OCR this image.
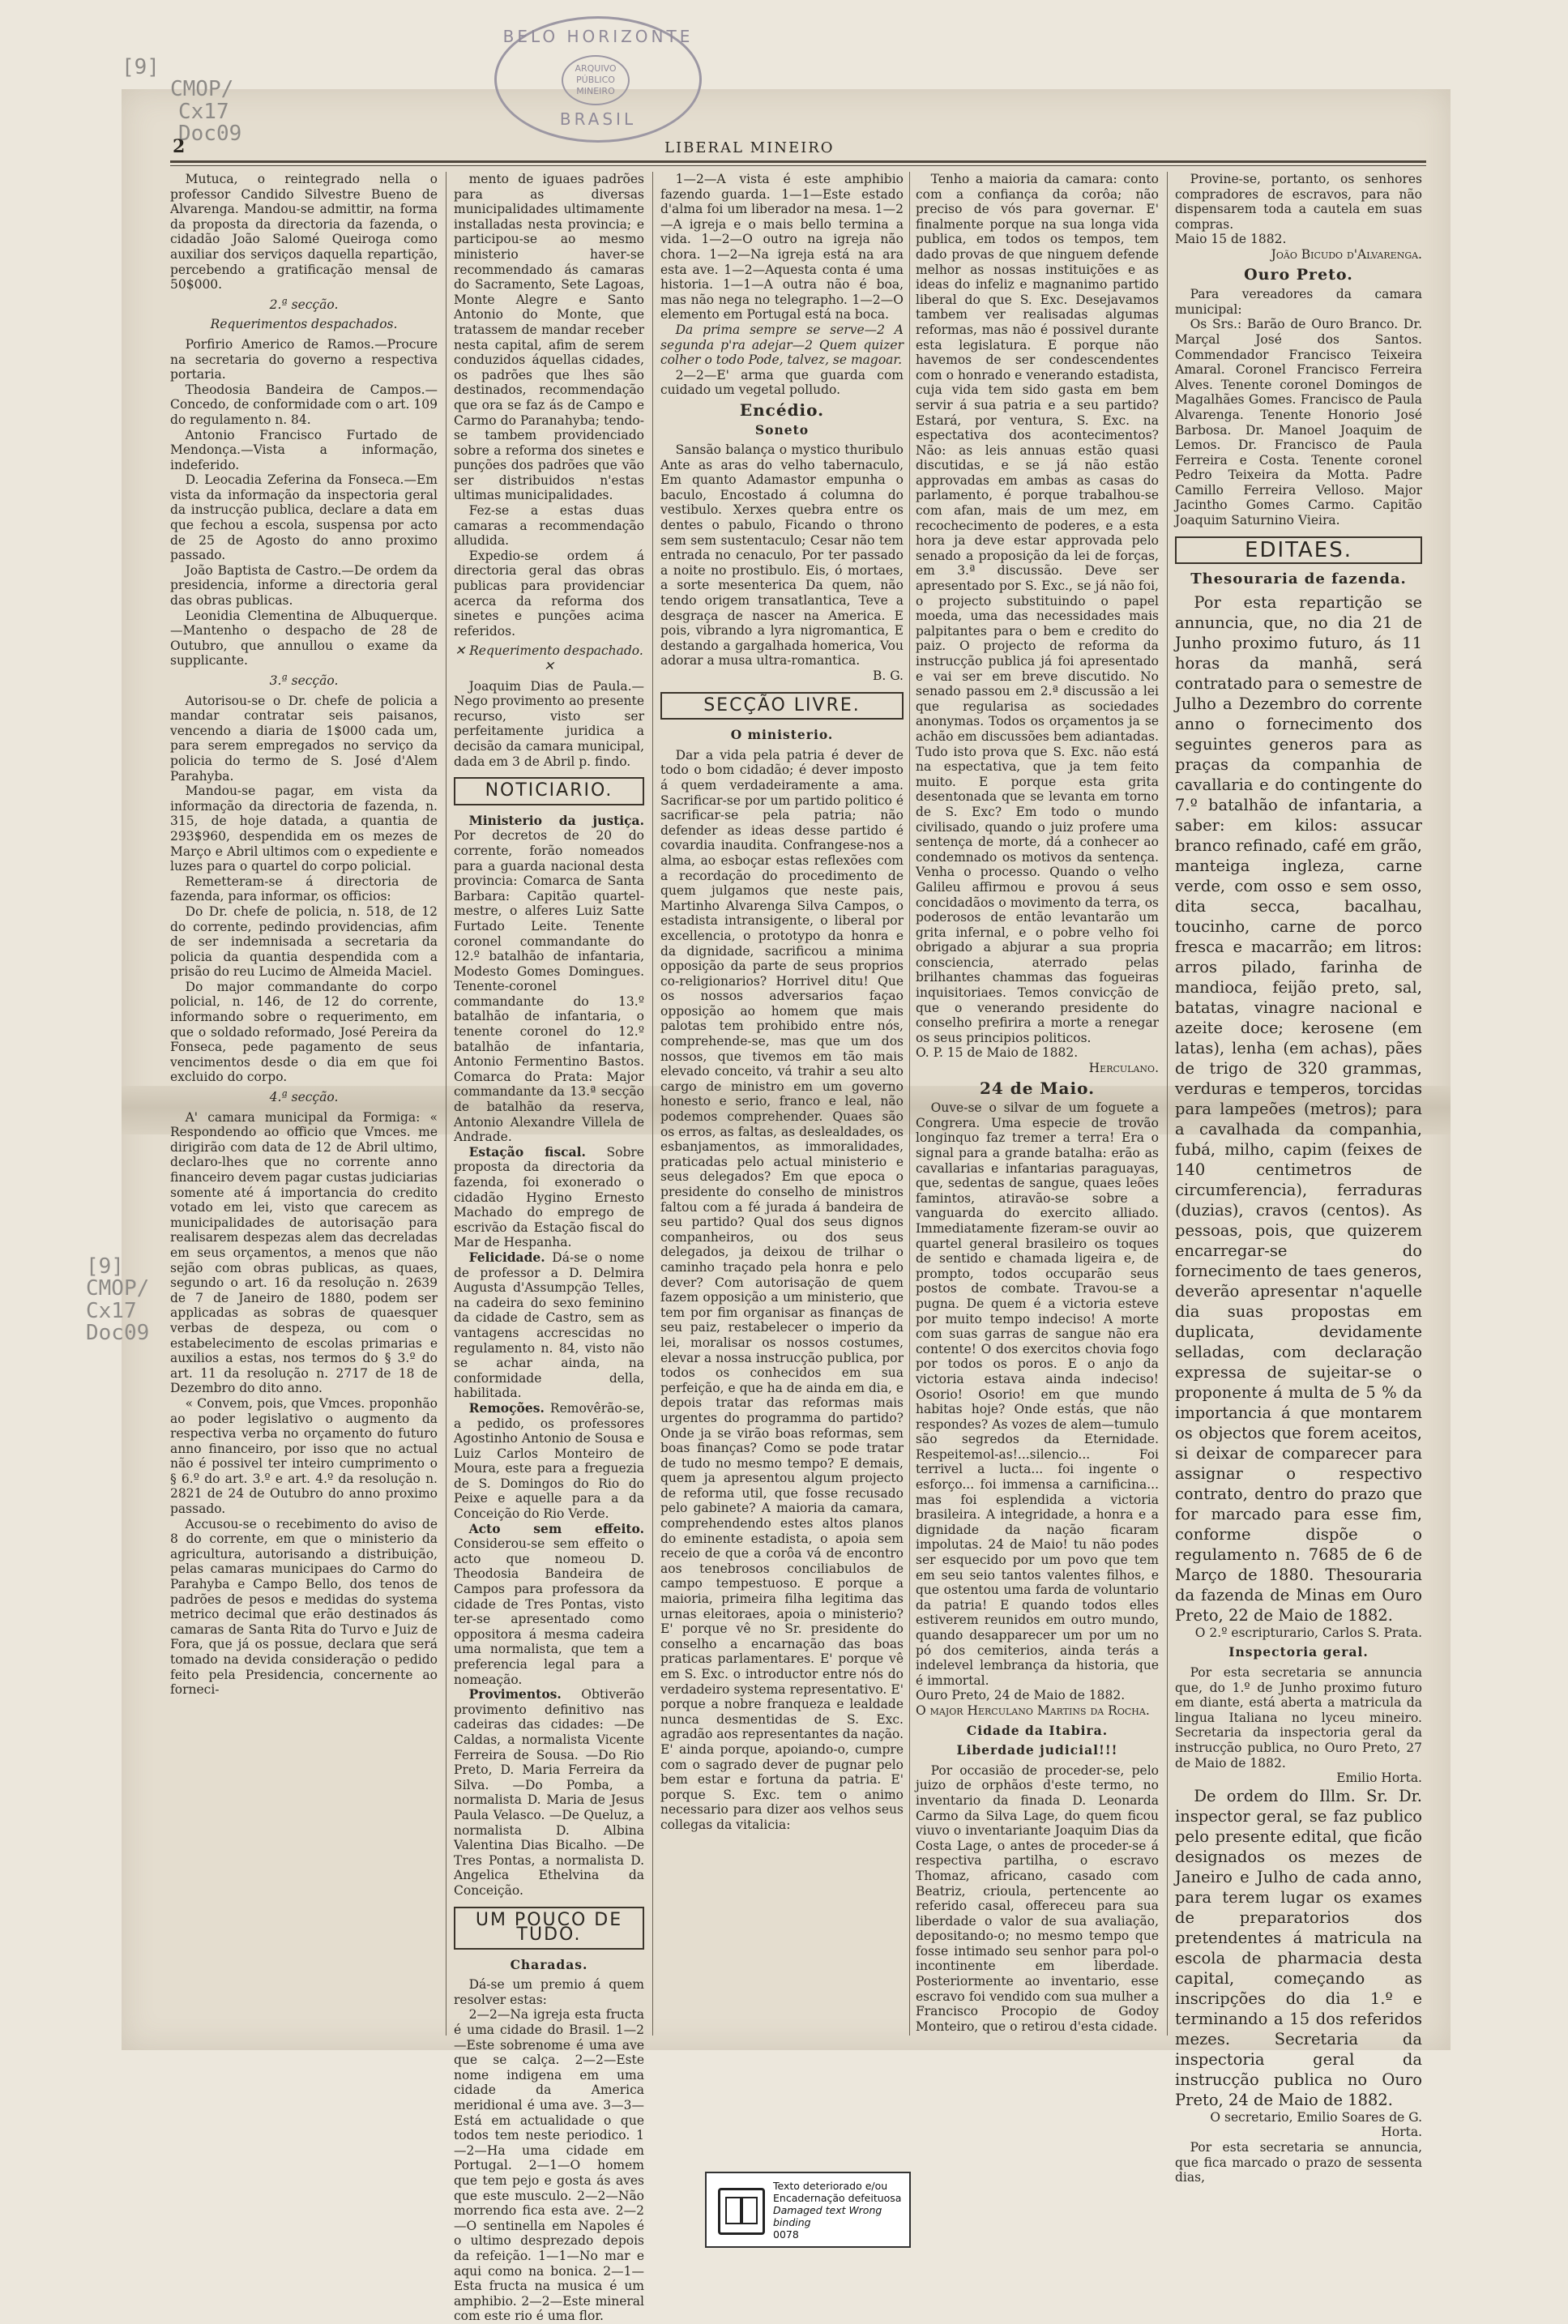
[9]
CMOP/
Cx17
Doc09
[9]
CMOP/
Cx17
Doc09
BELO HORIZONTE
ARQUIVO
PÚBLICO
MINEIRO
BRASIL
2	LIBERAL MINEIRO

Mutuca, o reintegrado nella o professor Candido Silvestre Bueno de Alvarenga. Mandou-se admittir, na forma da proposta da directoria da fazenda, o cidadão João Salomé Queiroga como auxiliar dos serviços daquella repartição, percebendo a gratificação mensal de 50$000.

2.ª secção.
Requerimentos despachados.

Porfirio Americo de Ramos.—Procure na secretaria do governo a respectiva portaria.

Theodosia Bandeira de Campos.—Concedo, de conformidade com o art. 109 do regulamento n. 84.

Antonio Francisco Furtado de Mendonça.—Vista a informação, indeferido.

D. Leocadia Zeferina da Fonseca.—Em vista da informação da inspectoria geral da instrucção publica, declare a data em que fechou a escola, suspensa por acto de 25 de Agosto do anno proximo passado.

João Baptista de Castro.—De ordem da presidencia, informe a directoria geral das obras publicas.

Leonidia Clementina de Albuquerque.—Mantenho o despacho de 28 de Outubro, que annullou o exame da supplicante.

3.ª secção.

Autorisou-se o Dr. chefe de policia a mandar contratar seis paisanos, vencendo a diaria de 1$000 cada um, para serem empregados no serviço da policia do termo de S. José d'Alem Parahyba.

Mandou-se pagar, em vista da informação da directoria de fazenda, n. 315, de hoje datada, a quantia de 293$960, despendida em os mezes de Março e Abril ultimos com o expediente e luzes para o quartel do corpo policial.

Remetteram-se á directoria de fazenda, para informar, os officios:

Do Dr. chefe de policia, n. 518, de 12 do corrente, pedindo providencias, afim de ser indemnisada a secretaria da policia da quantia despendida com a prisão do reu Lucimo de Almeida Maciel.

Do major commandante do corpo policial, n. 146, de 12 do corrente, informando sobre o requerimento, em que o soldado reformado, José Pereira da Fonseca, pede pagamento de seus vencimentos desde o dia em que foi excluido do corpo.

4.ª secção.

A' camara municipal da Formiga: « Respondendo ao officio que Vmces. me dirigirão com data de 12 de Abril ultimo, declaro-lhes que no corrente anno financeiro devem pagar custas judiciarias somente até á importancia do credito votado em lei, visto que carecem as municipalidades de autorisação para realisarem despezas alem das decreladas em seus orçamentos, a menos que não sejão com obras publicas, as quaes, segundo o art. 16 da resolução n. 2639 de 7 de Janeiro de 1880, podem ser applicadas as sobras de quaesquer verbas de despeza, ou com o estabelecimento de escolas primarias e auxilios a estas, nos termos do § 3.º do art. 11 da resolução n. 2717 de 18 de Dezembro do dito anno.

« Convem, pois, que Vmces. proponhão ao poder legislativo o augmento da respectiva verba no orçamento do futuro anno financeiro, por isso que no actual não é possivel ter inteiro cumprimento o § 6.º do art. 3.º e art. 4.º da resolução n. 2821 de 24 de Outubro do anno proximo passado.

Accusou-se o recebimento do aviso de 8 do corrente, em que o ministerio da agricultura, autorisando a distribuição, pelas camaras municipaes do Carmo do Parahyba e Campo Bello, dos tenos de padrões de pesos e medidas do systema metrico decimal que erão destinados ás camaras de Santa Rita do Turvo e Juiz de Fora, que já os possue, declara que será tomado na devida consideração o pedido feito pela Presidencia, concernente ao forneci-

mento de iguaes padrões para as diversas municipalidades ultimamente installadas nesta provincia; e participou-se ao mesmo ministerio haver-se recommendado ás camaras do Sacramento, Sete Lagoas, Monte Alegre e Santo Antonio do Monte, que tratassem de mandar receber nesta capital, afim de serem conduzidos áquellas cidades, os padrões que lhes são destinados, recommendação que ora se faz ás de Campo e Carmo do Paranahyba; tendo-se tambem providenciado sobre a reforma dos sinetes e punções dos padrões que vão ser distribuidos n'estas ultimas municipalidades.

Fez-se a estas duas camaras a recommendação alludida.

Expedio-se ordem á directoria geral das obras publicas para providenciar acerca da reforma dos sinetes e punções acima referidos.

✕ Requerimento despachado. ✕

Joaquim Dias de Paula.—Nego provimento ao presente recurso, visto ser perfeitamente juridica a decisão da camara municipal, dada em 3 de Abril p. findo.

NOTICIARIO.

Ministerio da justiça. Por decretos de 20 do corrente, forão nomeados para a guarda nacional desta provincia: Comarca de Santa Barbara: Capitão quartel-mestre, o alferes Luiz Satte Furtado Leite. Tenente coronel commandante do 12.º batalhão de infantaria, Modesto Gomes Domingues. Tenente-coronel commandante do 13.º batalhão de infantaria, o tenente coronel do 12.º batalhão de infantaria, Antonio Fermentino Bastos. Comarca do Prata: Major commandante da 13.ª secção de batalhão da reserva, Antonio Alexandre Villela de Andrade.

Estação fiscal. Sobre proposta da directoria da fazenda, foi exonerado o cidadão Hygino Ernesto Machado do emprego de escrivão da Estação fiscal do Mar de Hespanha.

Felicidade. Dá-se o nome de professor a D. Delmira Augusta d'Assumpção Telles, na cadeira do sexo feminino da cidade de Castro, sem as vantagens accrescidas no regulamento n. 84, visto não se achar ainda, na conformidade della, habilitada.

Remoções. Removêrão-se, a pedido, os professores Agostinho Antonio de Sousa e Luiz Carlos Monteiro de Moura, este para a freguezia de S. Domingos do Rio do Peixe e aquelle para a da Conceição do Rio Verde.

Acto sem effeito. Considerou-se sem effeito o acto que nomeou D. Theodosia Bandeira de Campos para professora da cidade de Tres Pontas, visto ter-se apresentado como oppositora á mesma cadeira uma normalista, que tem a preferencia legal para a nomeação.

Provimentos. Obtiverão provimento definitivo nas cadeiras das cidades: —De Caldas, a normalista Vicente Ferreira de Sousa. —Do Rio Preto, D. Maria Ferreira da Silva. —Do Pomba, a normalista D. Maria de Jesus Paula Velasco. —De Queluz, a normalista D. Albina Valentina Dias Bicalho. —De Tres Pontas, a normalista D. Angelica Ethelvina da Conceição.

UM POUCO DE TUDO.
Charadas.

Dá-se um premio á quem resolver estas:

2—2—Na igreja esta fructa é uma cidade do Brasil. 1—2—Este sobrenome é uma ave que se calça. 2—2—Este nome indigena em uma cidade da America meridional é uma ave. 3—3—Está em actualidade o que todos tem neste periodico. 1—2—Ha uma cidade em Portugal. 2—1—O homem que tem pejo e gosta ás aves que este musculo. 2—2—Não morrendo fica esta ave. 2—2—O sentinella em Napoles é o ultimo desprezado depois da refeição. 1—1—No mar e aqui como na bonica. 2—1—Esta fructa na musica é um amphibio. 2—2—Este mineral com este rio é uma flor.

1—2—A vista é este amphibio fazendo guarda. 1—1—Este estado d'alma foi um liberador na mesa. 1—2—A igreja e o mais bello termina a vida. 1—2—O outro na igreja não chora. 1—2—Na igreja está na ara esta ave. 1—2—Aquesta conta é uma historia. 1—1—A outra não é boa, mas não nega no telegrapho. 1—2—O elemento em Portugal está na boca.

Da prima sempre se serve—2 A segunda p'ra adejar—2 Quem quizer colher o todo Pode, talvez, se magoar.

2—2—E' arma que guarda com cuidado um vegetal polludo.

Encédio.
Soneto

Sansão balança o mystico thuribulo Ante as aras do velho tabernaculo, Em quanto Adamastor empunha o baculo, Encostado á columna do vestibulo. Xerxes quebra entre os dentes o pabulo, Ficando o throno sem sem sustentaculo; Cesar não tem entrada no cenaculo, Por ter passado a noite no prostibulo. Eis, ó mortaes, a sorte mesenterica Da quem, não tendo origem transatlantica, Teve a desgraça de nascer na America. E pois, vibrando a lyra nigromantica, E destando a gargalhada homerica, Vou adorar a musa ultra-romantica.

B. G.
SECÇÃO LIVRE.
O ministerio.

Dar a vida pela patria é dever de todo o bom cidadão; é dever imposto á quem verdadeiramente a ama. Sacrificar-se por um partido politico é sacrificar-se pela patria; não defender as ideas desse partido é covardia inaudita. Confrangese-nos a alma, ao esboçar estas reflexões com a recordação do procedimento de quem julgamos que neste pais, Martinho Alvarenga Silva Campos, o estadista intransigente, o liberal por excellencia, o prototypo da honra e da dignidade, sacrificou a minima opposição da parte de seus proprios co-religionarios? Horrivel ditu! Que os nossos adversarios façao opposição ao homem que mais palotas tem prohibido entre nós, comprehende-se, mas que um dos nossos, que tivemos em tão mais elevado conceito, vá trahir a seu alto cargo de ministro em um governo honesto e serio, franco e leal, não podemos comprehender. Quaes são os erros, as faltas, as deslealdades, os esbanjamentos, as immoralidades, praticadas pelo actual ministerio e seus delegados? Em que epoca o presidente do conselho de ministros faltou com a fé jurada á bandeira de seu partido? Qual dos seus dignos companheiros, ou dos seus delegados, ja deixou de trilhar o caminho traçado pela honra e pelo dever? Com autorisação de quem fazem opposição a um ministerio, que tem por fim organisar as finanças de seu paiz, restabelecer o imperio da lei, moralisar os nossos costumes, elevar a nossa instrucção publica, por todos os conhecidos em sua perfeição, e que ha de ainda em dia, e depois tratar das reformas mais urgentes do programma do partido? Onde ja se virão boas reformas, sem boas finanças? Como se pode tratar de tudo no mesmo tempo? E demais, quem ja apresentou algum projecto de reforma util, que fosse recusado pelo gabinete? A maioria da camara, comprehendendo estes altos planos do eminente estadista, o apoia sem receio de que a corôa vá de encontro aos tenebrosos conciliabulos de campo tempestuoso. E porque a maioria, primeira filha legitima das urnas eleitoraes, apoia o ministerio? E' porque vê no Sr. presidente do conselho a encarnação das boas praticas parlamentares. E' porque vê em S. Exc. o introductor entre nós do verdadeiro systema representativo. E' porque a nobre franqueza e lealdade nunca desmentidas de S. Exc. agradão aos representantes da nação. E' ainda porque, apoiando-o, cumpre com o sagrado dever de pugnar pelo bem estar e fortuna da patria. E' porque S. Exc. tem o animo necessario para dizer aos velhos seus collegas da vitalicia:

Tenho a maioria da camara: conto com a confiança da corôa; não preciso de vós para governar. E' finalmente porque na sua longa vida publica, em todos os tempos, tem dado provas de que ninguem defende melhor as nossas instituições e as ideas do infeliz e magnanimo partido liberal do que S. Exc. Desejavamos tambem ver realisadas algumas reformas, mas não é possivel durante esta legislatura. E porque não havemos de ser condescendentes com o honrado e venerando estadista, cuja vida tem sido gasta em bem servir á sua patria e a seu partido? Estará, por ventura, S. Exc. na espectativa dos acontecimentos? Não: as leis annuas estão quasi discutidas, e se já não estão approvadas em ambas as casas do parlamento, é porque trabalhou-se com afan, mais de um mez, em recochecimento de poderes, e a esta hora ja deve estar approvada pelo senado a proposição da lei de forças, em 3.ª discussão. Deve ser apresentado por S. Exc., se já não foi, o projecto substituindo o papel moeda, uma das necessidades mais palpitantes para o bem e credito do paiz. O projecto de reforma da instrucção publica já foi apresentado e vai ser em breve discutido. No senado passou em 2.ª discussão a lei que regularisa as sociedades anonymas. Todos os orçamentos ja se achão em discussões bem adiantadas. Tudo isto prova que S. Exc. não está na espectativa, que ja tem feito muito. E porque esta grita desentonada que se levanta em torno de S. Exc? Em todo o mundo civilisado, quando o juiz profere uma sentença de morte, dá a conhecer ao condemnado os motivos da sentença. Venha o processo. Quando o velho Galileu affirmou e provou á seus concidadãos o movimento da terra, os poderosos de então levantarão um grita infernal, e o pobre velho foi obrigado a abjurar a sua propria consciencia, aterrado pelas brilhantes chammas das fogueiras inquisitoriaes. Temos convicção de que o venerando presidente do conselho prefirira a morte a renegar os seus principios politicos.

O. P. 15 de Maio de 1882.
Herculano.
24 de Maio.

Ouve-se o silvar de um foguete a Congrera. Uma especie de trovão longinquo faz tremer a terra! Era o signal para a grande batalha: erão as cavallarias e infantarias paraguayas, que, sedentas de sangue, quaes leões famintos, atiravão-se sobre a vanguarda do exercito alliado. Immediatamente fizeram-se ouvir ao quartel general brasileiro os toques de sentido e chamada ligeira e, de prompto, todos occuparão seus postos de combate. Travou-se a pugna. De quem é a victoria esteve por muito tempo indeciso! A morte com suas garras de sangue não era contente! O dos exercitos chovia fogo por todos os poros. E o anjo da victoria estava ainda indeciso! Osorio! Osorio! em que mundo habitas hoje? Onde estás, que não respondes? As vozes de alem—tumulo são segredos da Eternidade. Respeitemol-as!...silencio... Foi terrivel a lucta... foi ingente o esforço... foi immensa a carnificina... mas foi esplendida a victoria brasileira. A integridade, a honra e a dignidade da nação ficaram impolutas. 24 de Maio! tu não podes ser esquecido por um povo que tem em seu seio tantos valentes filhos, e que ostentou uma farda de voluntario da patria! E quando todos elles estiverem reunidos em outro mundo, quando desapparecer um por um no pó dos cemiterios, ainda terás a indelevel lembrança da historia, que é immortal.

Ouro Preto, 24 de Maio de 1882.
O major Herculano Martins da Rocha.
Cidade da Itabira.
Liberdade judicial!!!

Por occasião de proceder-se, pelo juizo de orphãos d'este termo, no inventario da finada D. Leonarda Carmo da Silva Lage, do quem ficou viuvo o inventariante Joaquim Dias da Costa Lage, o antes de proceder-se á respectiva partilha, o escravo Thomaz, africano, casado com Beatriz, crioula, pertencente ao referido casal, offereceu para sua liberdade o valor de sua avaliação, depositando-o; no mesmo tempo que fosse intimado seu senhor para pol-o incontinente em liberdade. Posteriormente ao inventario, esse escravo foi vendido com sua mulher a Francisco Procopio de Godoy Monteiro, que o retirou d'esta cidade.

Provine-se, portanto, os senhores compradores de escravos, para não dispensarem toda a cautela em suas compras.

Maio 15 de 1882.
João Bicudo d'Alvarenga.
Ouro Preto.

Para vereadores da camara municipal:

Os Srs.: Barão de Ouro Branco. Dr. Marçal José dos Santos. Commendador Francisco Teixeira Amaral. Coronel Francisco Ferreira Alves. Tenente coronel Domingos de Magalhães Gomes. Francisco de Paula Alvarenga. Tenente Honorio José Barbosa. Dr. Manoel Joaquim de Lemos. Dr. Francisco de Paula Ferreira e Costa. Tenente coronel Pedro Teixeira da Motta. Padre Camillo Ferreira Velloso. Major Jacintho Gomes Carmo. Capitão Joaquim Saturnino Vieira.

EDITAES.
Thesouraria de fazenda.

Por esta repartição se annuncia, que, no dia 21 de Junho proximo futuro, ás 11 horas da manhã, será contratado para o semestre de Julho a Dezembro do corrente anno o fornecimento dos seguintes generos para as praças da companhia de cavallaria e do contingente do 7.º batalhão de infantaria, a saber: em kilos: assucar branco refinado, café em grão, manteiga ingleza, carne verde, com osso e sem osso, dita secca, bacalhau, toucinho, carne de porco fresca e macarrão; em litros: arros pilado, farinha de mandioca, feijão preto, sal, batatas, vinagre nacional e azeite doce; kerosene (em latas), lenha (em achas), pães de trigo de 320 grammas, verduras e temperos, torcidas para lampeões (metros); para a cavalhada da companhia, fubá, milho, capim (feixes de 140 centimetros de circumferencia), ferraduras (duzias), cravos (centos). As pessoas, pois, que quizerem encarregar-se do fornecimento de taes generos, deverão apresentar n'aquelle dia suas propostas em duplicata, devidamente selladas, com declaração expressa de sujeitar-se o proponente á multa de 5 % da importancia á que montarem os objectos que forem aceitos, si deixar de comparecer para assignar o respectivo contrato, dentro do prazo que for marcado para esse fim, conforme dispõe o regulamento n. 7685 de 6 de Março de 1880. Thesouraria da fazenda de Minas em Ouro Preto, 22 de Maio de 1882.

O 2.º escripturario, Carlos S. Prata.
Inspectoria geral.

Por esta secretaria se annuncia que, do 1.º de Junho proximo futuro em diante, está aberta a matricula da lingua Italiana no lyceu mineiro. Secretaria da inspectoria geral da instrucção publica, no Ouro Preto, 27 de Maio de 1882.

Emilio Horta.

De ordem do Illm. Sr. Dr. inspector geral, se faz publico pelo presente edital, que ficão designados os mezes de Janeiro e Julho de cada anno, para terem lugar os exames de preparatorios dos pretendentes á matricula na escola de pharmacia desta capital, começando as inscripções do dia 1.º e terminando a 15 dos referidos mezes. Secretaria da inspectoria geral da instrucção publica no Ouro Preto, 24 de Maio de 1882.

O secretario, Emilio Soares de G. Horta.

Por esta secretaria se annuncia, que fica marcado o prazo de sessenta dias,

Texto deteriorado e/ou
Encadernação defeituosa
Damaged text Wrong binding
0078
